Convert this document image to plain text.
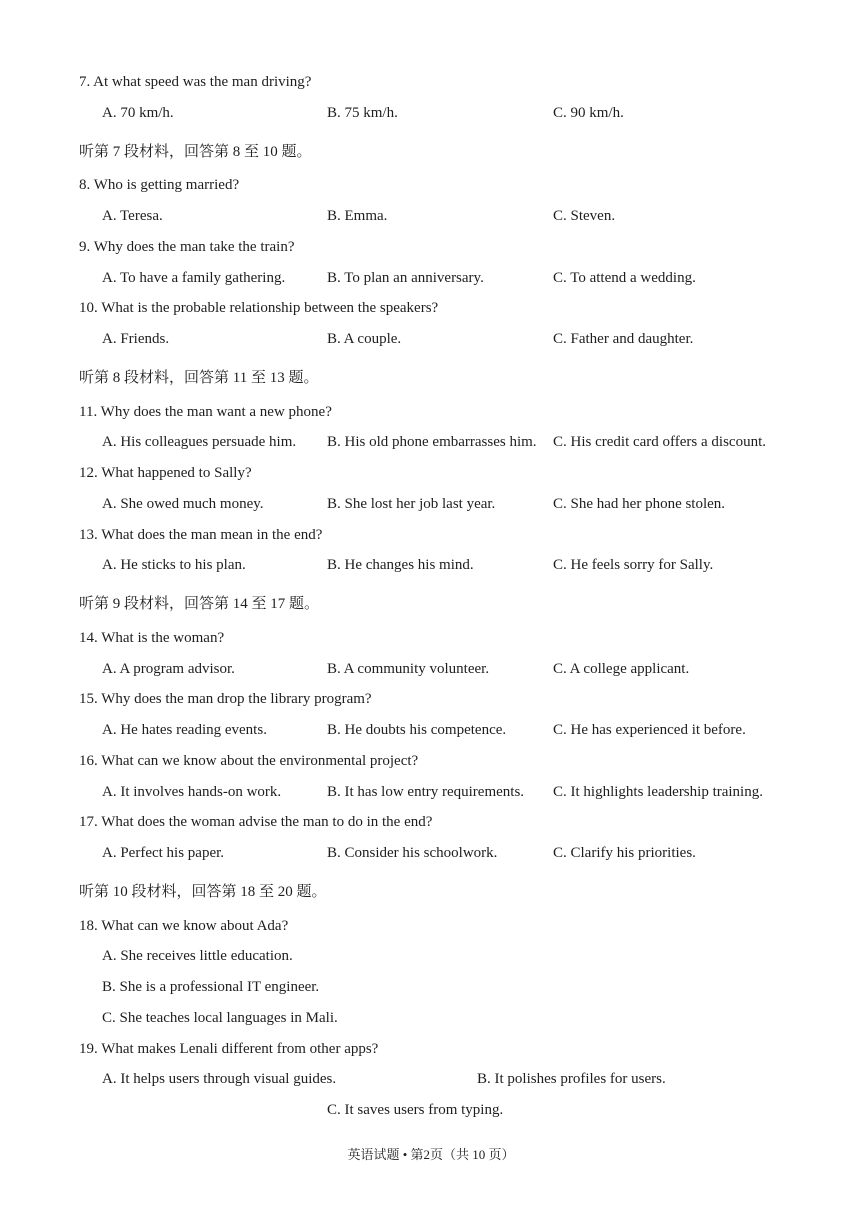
7. At what speed was the man driving?
A. 70 km/h.	B. 75 km/h.	C. 90 km/h.
听第 7 段材料，回答第 8 至 10 题。
8. Who is getting married?
A. Teresa.	B. Emma.	C. Steven.
9. Why does the man take the train?
A. To have a family gathering.	B. To plan an anniversary.	C. To attend a wedding.
10. What is the probable relationship between the speakers?
A. Friends.	B. A couple.	C. Father and daughter.
听第 8 段材料，回答第 11 至 13 题。
11. Why does the man want a new phone?
A. His colleagues persuade him. B. His old phone embarrasses him. C. His credit card offers a discount.
12. What happened to Sally?
A. She owed much money.	B. She lost her job last year.	C. She had her phone stolen.
13. What does the man mean in the end?
A. He sticks to his plan.	B. He changes his mind.	C. He feels sorry for Sally.
听第 9 段材料，回答第 14 至 17 题。
14. What is the woman?
A. A program advisor.	B. A community volunteer.	C. A college applicant.
15. Why does the man drop the library program?
A. He hates reading events.	B. He doubts his competence.	C. He has experienced it before.
16. What can we know about the environmental project?
A. It involves hands-on work.	B. It has low entry requirements. C. It highlights leadership training.
17. What does the woman advise the man to do in the end?
A. Perfect his paper.	B. Consider his schoolwork.	C. Clarify his priorities.
听第 10 段材料，回答第 18 至 20 题。
18. What can we know about Ada?
A. She receives little education.
B. She is a professional IT engineer.
C. She teaches local languages in Mali.
19. What makes Lenali different from other apps?
A. It helps users through visual guides.	B. It polishes profiles for users.
C. It saves users from typing.
英语试题 • 第2页（共 10 页）
